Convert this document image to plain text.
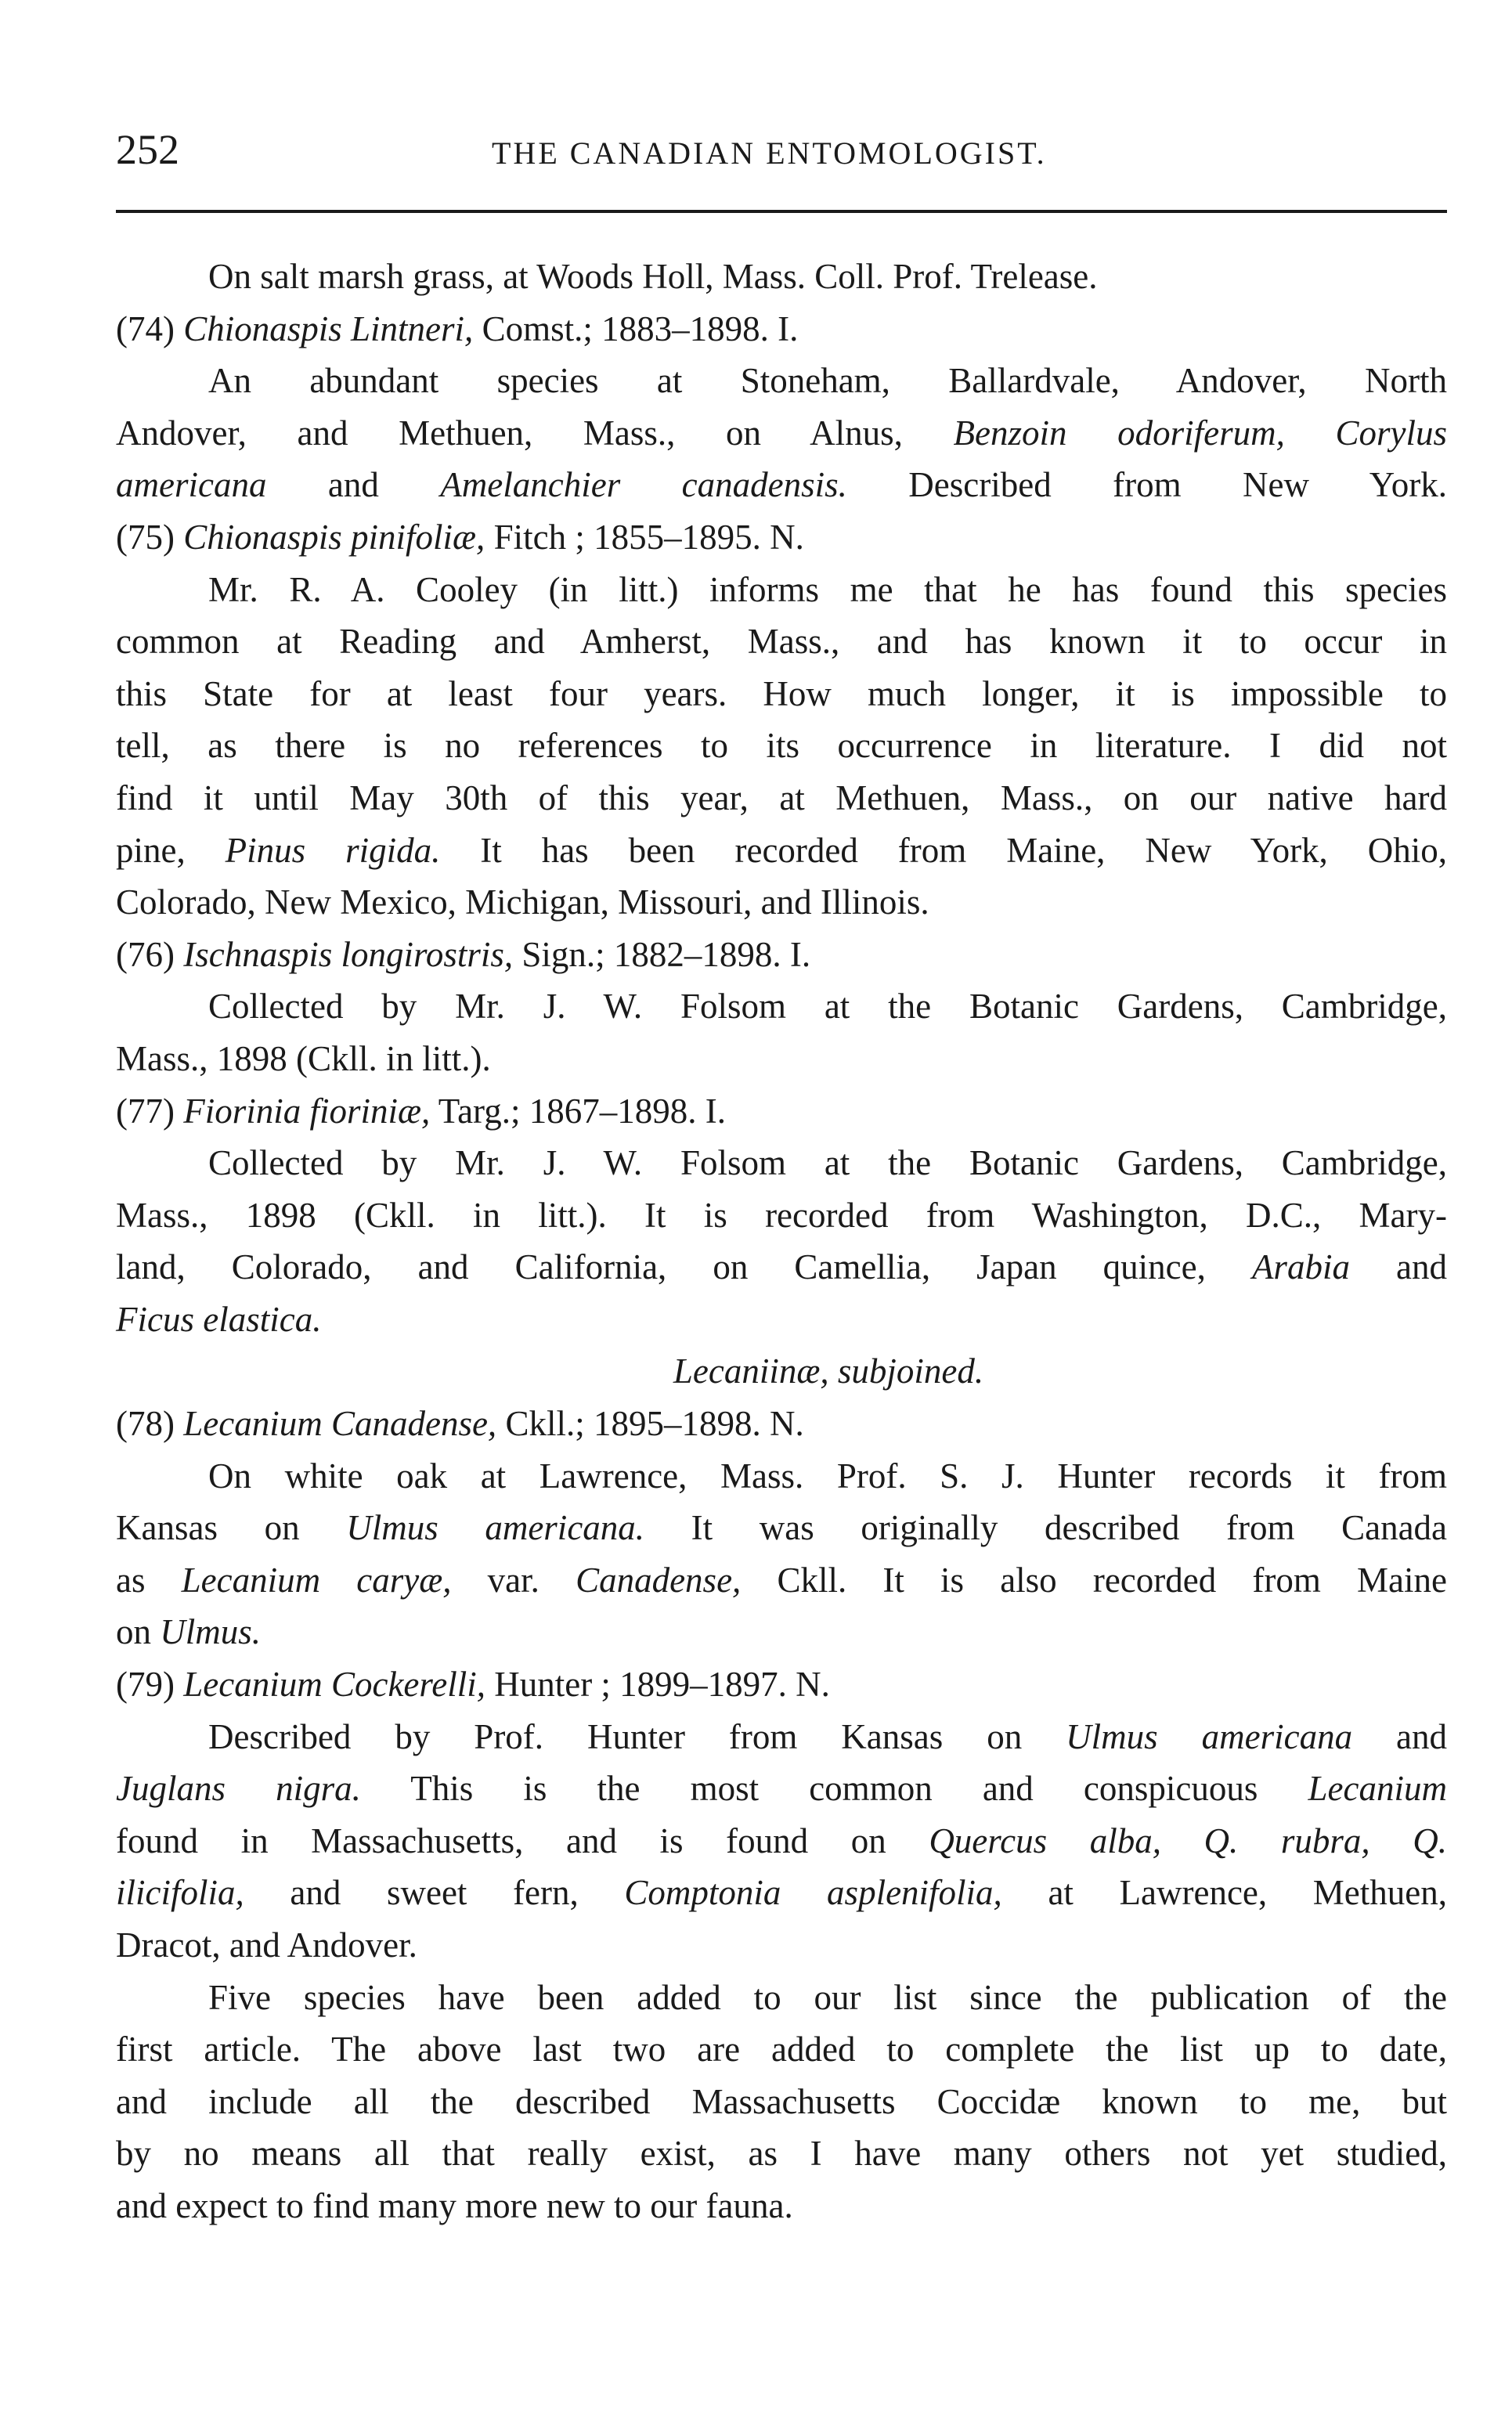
252	THE CANADIAN ENTOMOLOGIST.
On salt marsh grass, at Woods Holl, Mass. Coll. Prof. Trelease.
(74) Chionaspis Lintneri, Comst.; 1883–1898. I.
An abundant species at Stoneham, Ballardvale, Andover, North
Andover, and Methuen, Mass., on Alnus, Benzoin odoriferum, Corylus
americana and Amelanchier canadensis. Described from New York.
(75) Chionaspis pinifoliæ, Fitch ; 1855–1895. N.
Mr. R. A. Cooley (in litt.) informs me that he has found this species
common at Reading and Amherst, Mass., and has known it to occur in
this State for at least four years. How much longer, it is impossible to
tell, as there is no references to its occurrence in literature. I did not
find it until May 30th of this year, at Methuen, Mass., on our native hard
pine, Pinus rigida. It has been recorded from Maine, New York, Ohio,
Colorado, New Mexico, Michigan, Missouri, and Illinois.
(76) Ischnaspis longirostris, Sign.; 1882–1898. I.
Collected by Mr. J. W. Folsom at the Botanic Gardens, Cambridge,
Mass., 1898 (Ckll. in litt.).
(77) Fiorinia fioriniæ, Targ.; 1867–1898. I.
Collected by Mr. J. W. Folsom at the Botanic Gardens, Cambridge,
Mass., 1898 (Ckll. in litt.). It is recorded from Washington, D.C., Mary-
land, Colorado, and California, on Camellia, Japan quince, Arabia and
Ficus elastica.
Lecaniinæ, subjoined.
(78) Lecanium Canadense, Ckll.; 1895–1898. N.
On white oak at Lawrence, Mass. Prof. S. J. Hunter records it from
Kansas on Ulmus americana. It was originally described from Canada
as Lecanium caryæ, var. Canadense, Ckll. It is also recorded from Maine
on Ulmus.
(79) Lecanium Cockerelli, Hunter ; 1899–1897. N.
Described by Prof. Hunter from Kansas on Ulmus americana and
Juglans nigra. This is the most common and conspicuous Lecanium
found in Massachusetts, and is found on Quercus alba, Q. rubra, Q.
ilicifolia, and sweet fern, Comptonia asplenifolia, at Lawrence, Methuen,
Dracot, and Andover.
Five species have been added to our list since the publication of the
first article. The above last two are added to complete the list up to date,
and include all the described Massachusetts Coccidæ known to me, but
by no means all that really exist, as I have many others not yet studied,
and expect to find many more new to our fauna.
